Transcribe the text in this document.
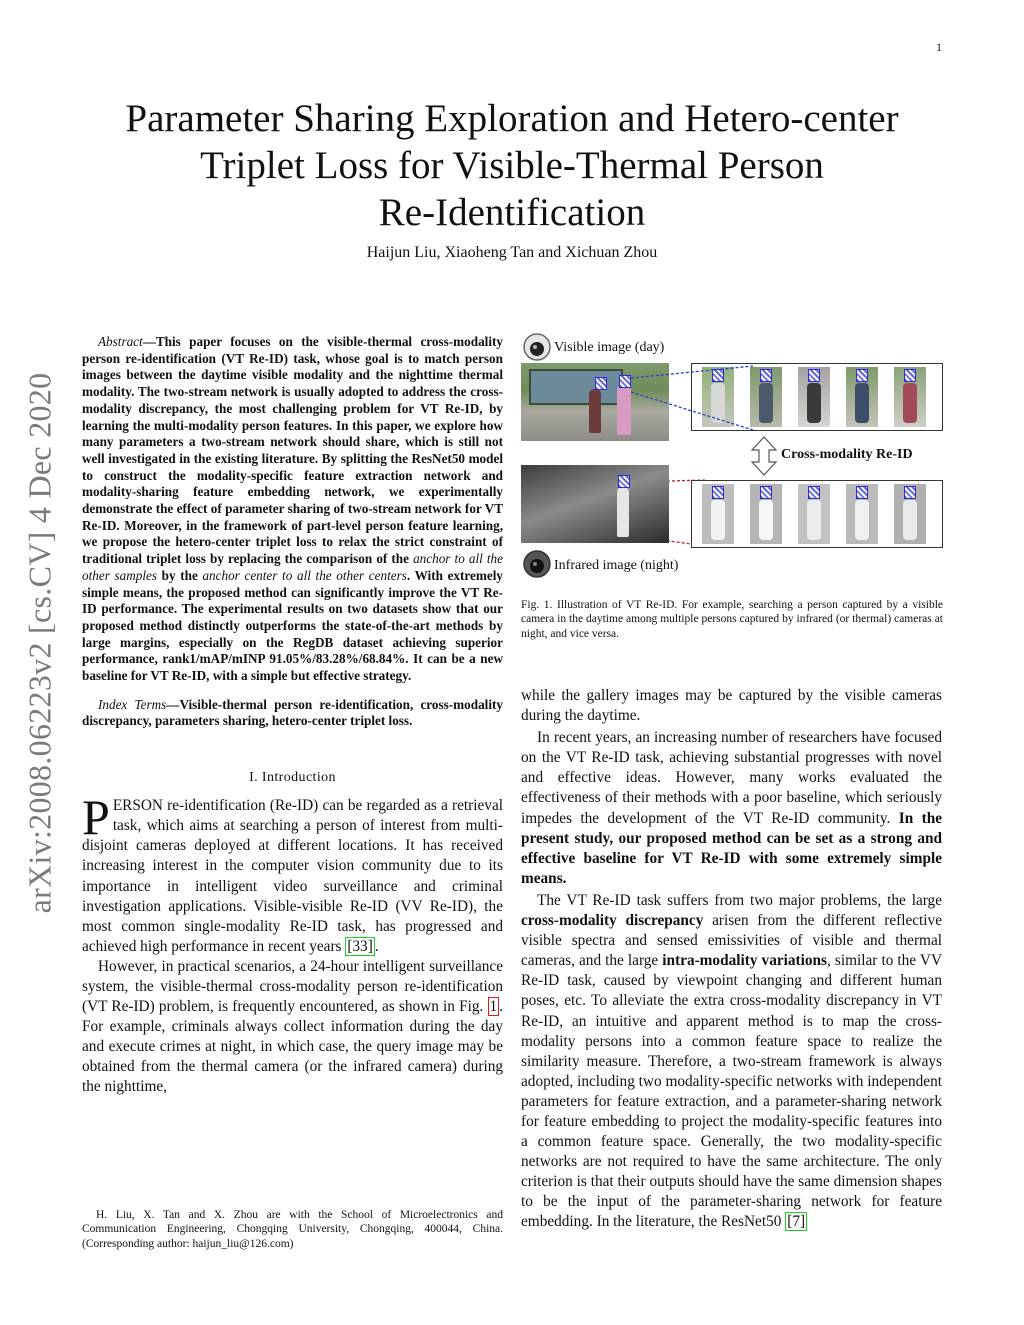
1
arXiv:2008.06223v2 [cs.CV] 4 Dec 2020
Parameter Sharing Exploration and Hetero-center
Triplet Loss for Visible-Thermal Person
Re-Identification
Haijun Liu, Xiaoheng Tan and Xichuan Zhou

Abstract—This paper focuses on the visible-thermal cross-modality person re-identification (VT Re-ID) task, whose goal is to match person images between the daytime visible modality and the nighttime thermal modality. The two-stream network is usually adopted to address the cross-modality discrepancy, the most challenging problem for VT Re-ID, by learning the multi-modality person features. In this paper, we explore how many parameters a two-stream network should share, which is still not well investigated in the existing literature. By splitting the ResNet50 model to construct the modality-specific feature extraction network and modality-sharing feature embedding network, we experimentally demonstrate the effect of parameter sharing of two-stream network for VT Re-ID. Moreover, in the framework of part-level person feature learning, we propose the hetero-center triplet loss to relax the strict constraint of traditional triplet loss by replacing the comparison of the anchor to all the other samples by the anchor center to all the other centers. With extremely simple means, the proposed method can significantly improve the VT Re-ID performance. The experimental results on two datasets show that our proposed method distinctly outperforms the state-of-the-art methods by large margins, especially on the RegDB dataset achieving superior performance, rank1/mAP/mINP 91.05%/83.28%/68.84%. It can be a new baseline for VT Re-ID, with a simple but effective strategy.

Index Terms—Visible-thermal person re-identification, cross-modality discrepancy, parameters sharing, hetero-center triplet loss.

I. Introduction

PERSON re-identification (Re-ID) can be regarded as a retrieval task, which aims at searching a person of interest from multi-disjoint cameras deployed at different locations. It has received increasing interest in the computer vision community due to its importance in intelligent video surveillance and criminal investigation applications. Visible-visible Re-ID (VV Re-ID), the most common single-modality Re-ID task, has progressed and achieved high performance in recent years [33] .

However, in practical scenarios, a 24-hour intelligent surveillance system, the visible-thermal cross-modality person re-identification (VT Re-ID) problem, is frequently encountered, as shown in Fig. 1 . For example, criminals always collect information during the day and execute crimes at night, in which case, the query image may be obtained from the thermal camera (or the infrared camera) during the nighttime,

H. Liu, X. Tan and X. Zhou are with the School of Microelectronics and Communication Engineering, Chongqing University, Chongqing, 400044, China. (Corresponding author: haijun_liu@126.com)
Visible image (day)
Cross-modality Re-ID
Infrared image (night)
Fig. 1. Illustration of VT Re-ID. For example, searching a person captured by a visible camera in the daytime among multiple persons captured by infrared (or thermal) cameras at night, and vice versa.

while the gallery images may be captured by the visible cameras during the daytime.

In recent years, an increasing number of researchers have focused on the VT Re-ID task, achieving substantial progresses with novel and effective ideas. However, many works evaluated the effectiveness of their methods with a poor baseline, which seriously impedes the development of the VT Re-ID community. In the present study, our proposed method can be set as a strong and effective baseline for VT Re-ID with some extremely simple means.

The VT Re-ID task suffers from two major problems, the large cross-modality discrepancy arisen from the different reflective visible spectra and sensed emissivities of visible and thermal cameras, and the large intra-modality variations, similar to the VV Re-ID task, caused by viewpoint changing and different human poses, etc. To alleviate the extra cross-modality discrepancy in VT Re-ID, an intuitive and apparent method is to map the cross-modality persons into a common feature space to realize the similarity measure. Therefore, a two-stream framework is always adopted, including two modality-specific networks with independent parameters for feature extraction, and a parameter-sharing network for feature embedding to project the modality-specific features into a common feature space. Generally, the two modality-specific networks are not required to have the same architecture. The only criterion is that their outputs should have the same dimension shapes to be the input of the parameter-sharing network for feature embedding. In the literature, the ResNet50 [7]
